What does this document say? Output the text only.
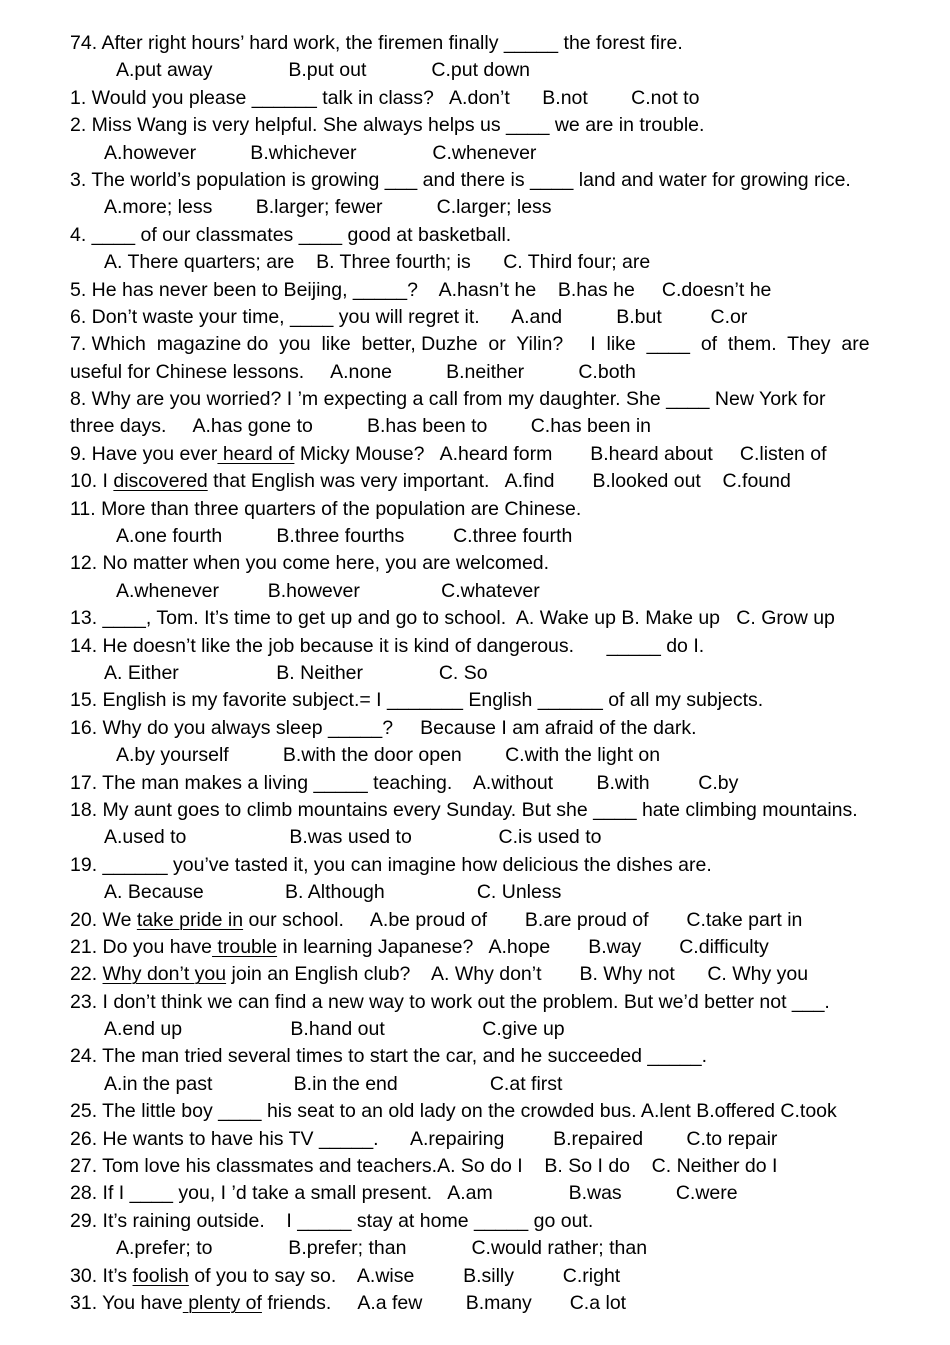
74. After right hours’ hard work, the firemen finally _____ the forest fire.
A.put away              B.put out            C.put down
1. Would you please ______ talk in class?   A.don’t      B.not        C.not to
2. Miss Wang is very helpful. She always helps us ____ we are in trouble.
A.however          B.whichever              C.whenever
3. The world’s population is growing ___ and there is ____ land and water for growing rice.
A.more; less        B.larger; fewer          C.larger; less
4. ____ of our classmates ____ good at basketball.
A. There quarters; are    B. Three fourth; is      C. Third four; are
5. He has never been to Beijing, _____?    A.hasn’t he    B.has he     C.doesn’t he
6. Don’t waste your time, ____ you will regret it.      A.and          B.but         C.or
7. Which  magazine do  you  like  better, Duzhe  or  Yilin?     I  like  ____  of  them.  They  are
useful for Chinese lessons.     A.none          B.neither          C.both
8. Why are you worried? I ’m expecting a call from my daughter. She ____ New York for
three days.     A.has gone to          B.has been to        C.has been in
9. Have you ever heard of Micky Mouse?   A.heard form       B.heard about     C.listen of
10. I discovered that English was very important.   A.find       B.looked out    C.found
11. More than three quarters of the population are Chinese.
A.one fourth          B.three fourths         C.three fourth
12. No matter when you come here, you are welcomed.
A.whenever         B.however               C.whatever
13. ____, Tom. It’s time to get up and go to school.  A. Wake up B. Make up   C. Grow up
14. He doesn’t like the job because it is kind of dangerous.      _____ do I.
A. Either                  B. Neither              C. So
15. English is my favorite subject.= I _______ English ______ of all my subjects.
16. Why do you always sleep _____?     Because I am afraid of the dark.
A.by yourself          B.with the door open        C.with the light on
17. The man makes a living _____ teaching.    A.without        B.with         C.by
18. My aunt goes to climb mountains every Sunday. But she ____ hate climbing mountains.
A.used to                   B.was used to                C.is used to
19. ______ you’ve tasted it, you can imagine how delicious the dishes are.
A. Because               B. Although                 C. Unless
20. We take pride in our school.     A.be proud of       B.are proud of       C.take part in
21. Do you have trouble in learning Japanese?   A.hope       B.way       C.difficulty
22. Why don’t you join an English club?    A. Why don’t       B. Why not      C. Why you
23. I don’t think we can find a new way to work out the problem. But we’d better not ___.
A.end up                    B.hand out                  C.give up
24. The man tried several times to start the car, and he succeeded _____.
A.in the past               B.in the end                 C.at first
25. The little boy ____ his seat to an old lady on the crowded bus. A.lent B.offered C.took
26. He wants to have his TV _____.      A.repairing         B.repaired        C.to repair
27. Tom love his classmates and teachers.A. So do I    B. So I do    C. Neither do I
28. If I ____ you, I ’d take a small present.   A.am              B.was          C.were
29. It’s raining outside.    I _____ stay at home _____ go out.
A.prefer; to              B.prefer; than            C.would rather; than
30. It’s foolish of you to say so.    A.wise         B.silly         C.right
31. You have plenty of friends.     A.a few        B.many       C.a lot
